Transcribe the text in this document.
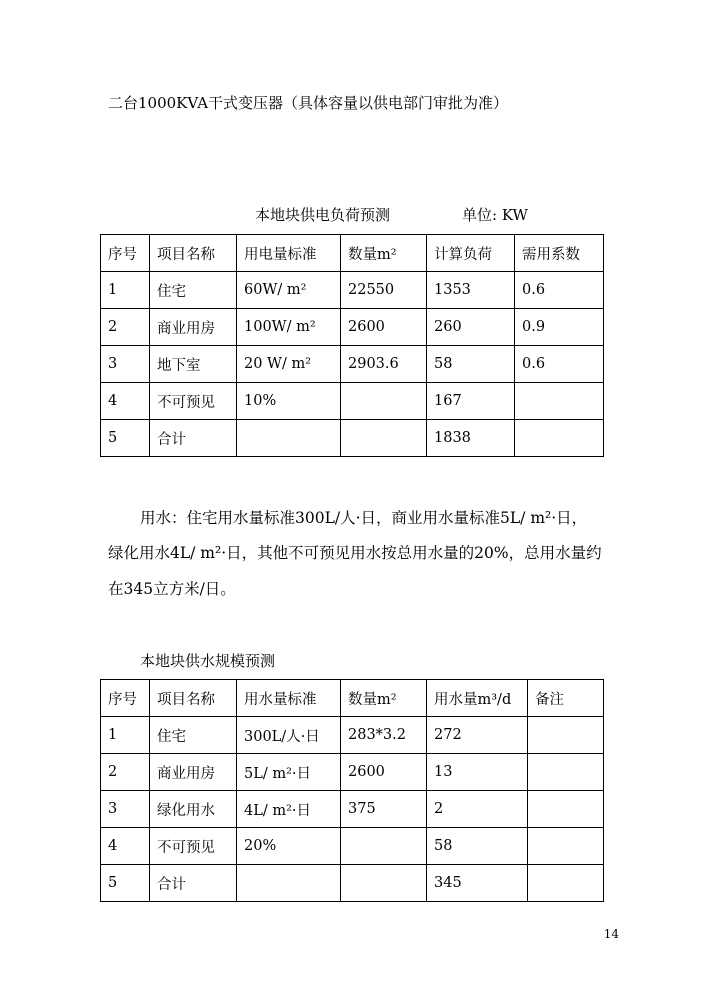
二台1000KVA干式变压器（具体容量以供电部门审批为准）
本地块供电负荷预测	单位: KW
序号	项目名称	用电量标准	数量m²	计算负荷	需用系数
1	住宅	60W/ m²	22550	1353	0.6
2	商业用房	100W/ m²	2600	260	0.9
3	地下室	20 W/ m²	2903.6	58	0.6
4	不可预见	10%		167	
5	合计			1838	
用水：住宅用水量标准300L/人·日，商业用水量标准5L/ m²·日，
绿化用水4L/ m²·日，其他不可预见用水按总用水量的20%，总用水量约
在345立方米/日。
本地块供水规模预测
序号	项目名称	用水量标准	数量m²	用水量m³/d	备注
1	住宅	300L/人·日	283*3.2	272	
2	商业用房	5L/ m²·日	2600	13	
3	绿化用水	4L/ m²·日	375	2	
4	不可预见	20%		58	
5	合计			345	
14
